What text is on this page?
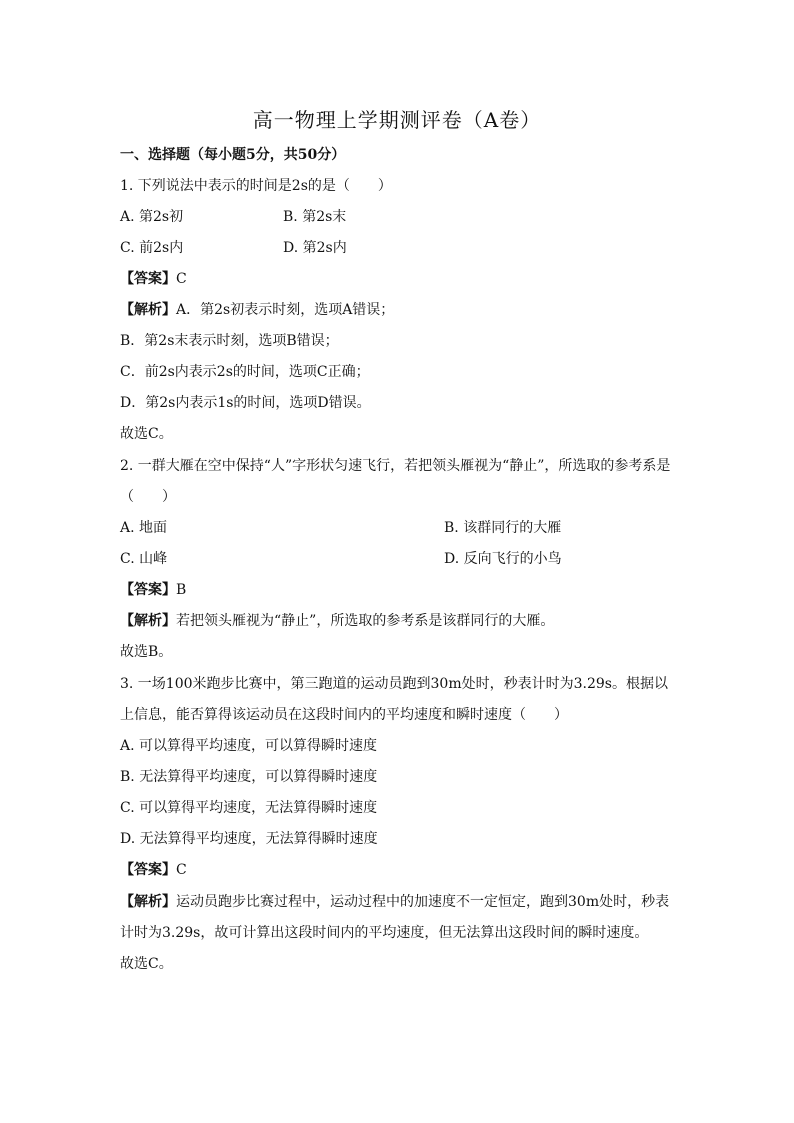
高一物理上学期测评卷（A卷）
一、选择题（每小题5分，共50分）
1. 下列说法中表示的时间是2s的是（　　）
A. 第2s初	B. 第2s末
C. 前2s内	D. 第2s内
【答案】C
【解析】A．第2s初表示时刻，选项A错误；
B．第2s末表示时刻，选项B错误；
C．前2s内表示2s的时间，选项C正确；
D．第2s内表示1s的时间，选项D错误。
故选C。
2. 一群大雁在空中保持“人”字形状匀速飞行，若把领头雁视为“静止”，所选取的参考系是
（　　）
A. 地面	B. 该群同行的大雁
C. 山峰	D. 反向飞行的小鸟
【答案】B
【解析】若把领头雁视为“静止”，所选取的参考系是该群同行的大雁。
故选B。
3. 一场100米跑步比赛中，第三跑道的运动员跑到30m处时，秒表计时为3.29s。根据以
上信息，能否算得该运动员在这段时间内的平均速度和瞬时速度（　　）
A. 可以算得平均速度，可以算得瞬时速度
B. 无法算得平均速度，可以算得瞬时速度
C. 可以算得平均速度，无法算得瞬时速度
D. 无法算得平均速度，无法算得瞬时速度
【答案】C
【解析】运动员跑步比赛过程中，运动过程中的加速度不一定恒定，跑到30m处时，秒表
计时为3.29s，故可计算出这段时间内的平均速度，但无法算出这段时间的瞬时速度。
故选C。
